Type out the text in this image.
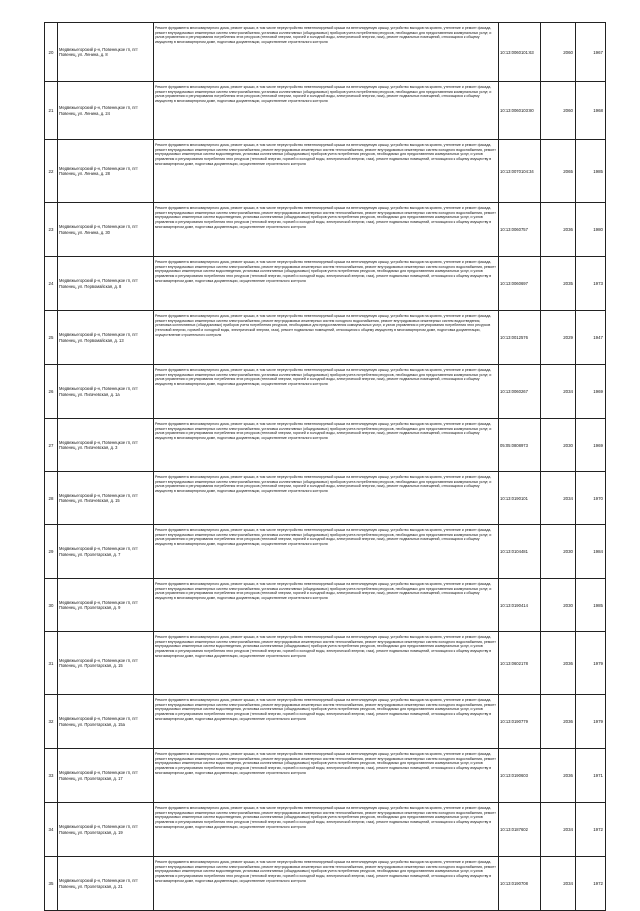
20	Медвежьегорский р-н, Повенецкое гп, пгт Повенец, ул. Ленина, д. 8	Ремонт фундамента многоквартирного дома, ремонт крыши, в том числе переустройство невентилируемой крыши на вентилируемую крышу, устройство выходов на кровлю, утепление и ремонт фасада, ремонт внутридомовых инженерных систем электроснабжения, установка коллективных (общедомовых) приборов учета потребления ресурсов, необходимых для предоставления коммунальных услуг, и узлов управления и регулирования потребления этих ресурсов (тепловой энергии, горячей и холодной воды, электрической энергии, газа), ремонт подвальных помещений, относящихся к общему имуществу в многоквартирном доме, подготовка документации, осуществление строительного контроля	10:13:0060101:63	2060	1967
21	Медвежьегорский р-н, Повенецкое гп, пгт Повенец, ул. Ленина, д. 24	Ремонт фундамента многоквартирного дома, ремонт крыши, в том числе переустройство невентилируемой крыши на вентилируемую крышу, устройство выходов на кровлю, утепление и ремонт фасада, ремонт внутридомовых инженерных систем электроснабжения, установка коллективных (общедомовых) приборов учета потребления ресурсов, необходимых для предоставления коммунальных услуг, и узлов управления и регулирования потребления этих ресурсов (тепловой энергии, горячей и холодной воды, электрической энергии, газа), ремонт подвальных помещений, относящихся к общему имуществу в многоквартирном доме, подготовка документации, осуществление строительного контроля	10:13:0060103:80	2060	1968
22	Медвежьегорский р-н, Повенецкое гп, пгт Повенец, ул. Ленина, д. 28	Ремонт фундамента многоквартирного дома, ремонт крыши, в том числе переустройство невентилируемой крыши на вентилируемую крышу, устройство выходов на кровлю, утепление и ремонт фасада, ремонт внутридомовых инженерных систем электроснабжения, ремонт внутридомовых инженерных систем теплоснабжения, ремонт внутридомовых инженерных систем холодного водоснабжения, ремонт внутридомовых инженерных систем водоотведения, установка коллективных (общедомовых) приборов учета потребления ресурсов, необходимых для предоставления коммунальных услуг, и узлов управления и регулирования потребления этих ресурсов (тепловой энергии, горячей и холодной воды, электрической энергии, газа), ремонт подвальных помещений, относящихся к общему имуществу в многоквартирном доме, подготовка документации, осуществление строительного контроля	10:13:0070104:34	2065	1985
23	Медвежьегорский р-н, Повенецкое гп, пгт Повенец, ул. Ленина, д. 30	Ремонт фундамента многоквартирного дома, ремонт крыши, в том числе переустройство невентилируемой крыши на вентилируемую крышу, устройство выходов на кровлю, утепление и ремонт фасада, ремонт внутридомовых инженерных систем электроснабжения, ремонт внутридомовых инженерных систем теплоснабжения, ремонт внутридомовых инженерных систем холодного водоснабжения, ремонт внутридомовых инженерных систем водоотведения, установка коллективных (общедомовых) приборов учета потребления ресурсов, необходимых для предоставления коммунальных услуг, и узлов управления и регулирования потребления этих ресурсов (тепловой энергии, горячей и холодной воды, электрической энергии, газа), ремонт подвальных помещений, относящихся к общему имуществу в многоквартирном доме, подготовка документации, осуществление строительного контроля	10:13:0060757	2036	1980
24	Медвежьегорский р-н, Повенецкое гп, пгт Повенец, ул. Первомайская, д. 8	Ремонт фундамента многоквартирного дома, ремонт крыши, в том числе переустройство невентилируемой крыши на вентилируемую крышу, устройство выходов на кровлю, утепление и ремонт фасада, ремонт внутридомовых инженерных систем электроснабжения, ремонт внутридомовых инженерных систем теплоснабжения, ремонт внутридомовых инженерных систем холодного водоснабжения, ремонт внутридомовых инженерных систем водоотведения, установка коллективных (общедомовых) приборов учета потребления ресурсов, необходимых для предоставления коммунальных услуг, и узлов управления и регулирования потребления этих ресурсов (тепловой энергии, горячей и холодной воды, электрической энергии, газа), ремонт подвальных помещений, относящихся к общему имуществу в многоквартирном доме, подготовка документации, осуществление строительного контроля	10:13:0060697	2035	1973
25	Медвежьегорский р-н, Повенецкое гп, пгт Повенец, ул. Первомайская, д. 13	Ремонт фундамента многоквартирного дома, ремонт крыши, в том числе переустройство невентилируемой крыши на вентилируемую крышу, устройство выходов на кровлю, утепление и ремонт фасада, ремонт внутридомовых инженерных систем электроснабжения, ремонт внутридомовых инженерных систем холодного водоснабжения, ремонт внутридомовых инженерных систем водоотведения, установка коллективных (общедомовых) приборов учета потребления ресурсов, необходимых для предоставления коммунальных услуг, и узлов управления и регулирования потребления этих ресурсов (тепловой энергии, горячей и холодной воды, электрической энергии, газа), ремонт подвальных помещений, относящихся к общему имуществу в многоквартирном доме, подготовка документации, осуществление строительного контроля	10:13:0012576	2029	1947
26	Медвежьегорский р-н, Повенецкое гп, пгт Повенец, ул. Пигачевская, д. 1а	Ремонт фундамента многоквартирного дома, ремонт крыши, в том числе переустройство невентилируемой крыши на вентилируемую крышу, устройство выходов на кровлю, утепление и ремонт фасада, ремонт внутридомовых инженерных систем электроснабжения, установка коллективных (общедомовых) приборов учета потребления ресурсов, необходимых для предоставления коммунальных услуг, и узлов управления и регулирования потребления этих ресурсов (тепловой энергии, горячей и холодной воды, электрической энергии, газа), ремонт подвальных помещений, относящихся к общему имуществу в многоквартирном доме, подготовка документации, осуществление строительного контроля	10:13:0060267	2034	1969
27	Медвежьегорский р-н, Повенецкое гп, пгт Повенец, ул. Пигачевская, д. 3	Ремонт фундамента многоквартирного дома, ремонт крыши, в том числе переустройство невентилируемой крыши на вентилируемую крышу, устройство выходов на кровлю, утепление и ремонт фасада, ремонт внутридомовых инженерных систем электроснабжения, установка коллективных (общедомовых) приборов учета потребления ресурсов, необходимых для предоставления коммунальных услуг, и узлов управления и регулирования потребления этих ресурсов (тепловой энергии, горячей и холодной воды, электрической энергии, газа), ремонт подвальных помещений, относящихся к общему имуществу в многоквартирном доме, подготовка документации, осуществление строительного контроля	05:05:0808973	2030	1969
28	Медвежьегорский р-н, Повенецкое гп, пгт Повенец, ул. Пигачевская, д. 15	Ремонт фундамента многоквартирного дома, ремонт крыши, в том числе переустройство невентилируемой крыши на вентилируемую крышу, устройство выходов на кровлю, утепление и ремонт фасада, ремонт внутридомовых инженерных систем электроснабжения, установка коллективных (общедомовых) приборов учета потребления ресурсов, необходимых для предоставления коммунальных услуг, и узлов управления и регулирования потребления этих ресурсов (тепловой энергии, горячей и холодной воды, электрической энергии, газа), ремонт подвальных помещений, относящихся к общему имуществу в многоквартирном доме, подготовка документации, осуществление строительного контроля	10:13:0190101	2034	1970
29	Медвежьегорский р-н, Повенецкое гп, пгт Повенец, ул. Пролетарская, д. 7	Ремонт фундамента многоквартирного дома, ремонт крыши, в том числе переустройство невентилируемой крыши на вентилируемую крышу, устройство выходов на кровлю, утепление и ремонт фасада, ремонт внутридомовых инженерных систем электроснабжения, установка коллективных (общедомовых) приборов учета потребления ресурсов, необходимых для предоставления коммунальных услуг, и узлов управления и регулирования потребления этих ресурсов (тепловой энергии, горячей и холодной воды, электрической энергии, газа), ремонт подвальных помещений, относящихся к общему имуществу в многоквартирном доме, подготовка документации, осуществление строительного контроля	10:13:0104481	2030	1984
30	Медвежьегорский р-н, Повенецкое гп, пгт Повенец, ул. Пролетарская, д. 9	Ремонт фундамента многоквартирного дома, ремонт крыши, в том числе переустройство невентилируемой крыши на вентилируемую крышу, устройство выходов на кровлю, утепление и ремонт фасада, ремонт внутридомовых инженерных систем электроснабжения, установка коллективных (общедомовых) приборов учета потребления ресурсов, необходимых для предоставления коммунальных услуг, и узлов управления и регулирования потребления этих ресурсов (тепловой энергии, горячей и холодной воды, электрической энергии, газа), ремонт подвальных помещений, относящихся к общему имуществу в многоквартирном доме, подготовка документации, осуществление строительного контроля	10:13:0190414	2030	1985
31	Медвежьегорский р-н, Повенецкое гп, пгт Повенец, ул. Пролетарская, д. 15	Ремонт фундамента многоквартирного дома, ремонт крыши, в том числе переустройство невентилируемой крыши на вентилируемую крышу, устройство выходов на кровлю, утепление и ремонт фасада, ремонт внутридомовых инженерных систем электроснабжения, ремонт внутридомовых инженерных систем теплоснабжения, ремонт внутридомовых инженерных систем холодного водоснабжения, ремонт внутридомовых инженерных систем водоотведения, установка коллективных (общедомовых) приборов учета потребления ресурсов, необходимых для предоставления коммунальных услуг, и узлов управления и регулирования потребления этих ресурсов (тепловой энергии, горячей и холодной воды, электрической энергии, газа), ремонт подвальных помещений, относящихся к общему имуществу в многоквартирном доме, подготовка документации, осуществление строительного контроля	10:13:0602178	2036	1979
32	Медвежьегорский р-н, Повенецкое гп, пгт Повенец, ул. Пролетарская, д. 15а	Ремонт фундамента многоквартирного дома, ремонт крыши, в том числе переустройство невентилируемой крыши на вентилируемую крышу, устройство выходов на кровлю, утепление и ремонт фасада, ремонт внутридомовых инженерных систем электроснабжения, ремонт внутридомовых инженерных систем теплоснабжения, ремонт внутридомовых инженерных систем холодного водоснабжения, ремонт внутридомовых инженерных систем водоотведения, установка коллективных (общедомовых) приборов учета потребления ресурсов, необходимых для предоставления коммунальных услуг, и узлов управления и регулирования потребления этих ресурсов (тепловой энергии, горячей и холодной воды, электрической энергии, газа), ремонт подвальных помещений, относящихся к общему имуществу в многоквартирном доме, подготовка документации, осуществление строительного контроля	10:13:0190779	2036	1979
33	Медвежьегорский р-н, Повенецкое гп, пгт Повенец, ул. Пролетарская, д. 17	Ремонт фундамента многоквартирного дома, ремонт крыши, в том числе переустройство невентилируемой крыши на вентилируемую крышу, устройство выходов на кровлю, утепление и ремонт фасада, ремонт внутридомовых инженерных систем электроснабжения, ремонт внутридомовых инженерных систем теплоснабжения, ремонт внутридомовых инженерных систем холодного водоснабжения, ремонт внутридомовых инженерных систем водоотведения, установка коллективных (общедомовых) приборов учета потребления ресурсов, необходимых для предоставления коммунальных услуг, и узлов управления и регулирования потребления этих ресурсов (тепловой энергии, горячей и холодной воды, электрической энергии, газа), ремонт подвальных помещений, относящихся к общему имуществу в многоквартирном доме, подготовка документации, осуществление строительного контроля	10:13:0190603	2036	1971
34	Медвежьегорский р-н, Повенецкое гп, пгт Повенец, ул. Пролетарская, д. 19	Ремонт фундамента многоквартирного дома, ремонт крыши, в том числе переустройство невентилируемой крыши на вентилируемую крышу, устройство выходов на кровлю, утепление и ремонт фасада, ремонт внутридомовых инженерных систем электроснабжения, ремонт внутридомовых инженерных систем теплоснабжения, ремонт внутридомовых инженерных систем холодного водоснабжения, ремонт внутридомовых инженерных систем водоотведения, установка коллективных (общедомовых) приборов учета потребления ресурсов, необходимых для предоставления коммунальных услуг, и узлов управления и регулирования потребления этих ресурсов (тепловой энергии, горячей и холодной воды, электрической энергии, газа), ремонт подвальных помещений, относящихся к общему имуществу в многоквартирном доме, подготовка документации, осуществление строительного контроля	10:13:0187602	2034	1972
35	Медвежьегорский р-н, Повенецкое гп, пгт Повенец, ул. Пролетарская, д. 21	Ремонт фундамента многоквартирного дома, ремонт крыши, в том числе переустройство невентилируемой крыши на вентилируемую крышу, устройство выходов на кровлю, утепление и ремонт фасада, ремонт внутридомовых инженерных систем электроснабжения, ремонт внутридомовых инженерных систем теплоснабжения, ремонт внутридомовых инженерных систем холодного водоснабжения, ремонт внутридомовых инженерных систем водоотведения, установка коллективных (общедомовых) приборов учета потребления ресурсов, необходимых для предоставления коммунальных услуг, и узлов управления и регулирования потребления этих ресурсов (тепловой энергии, горячей и холодной воды, электрической энергии, газа), ремонт подвальных помещений, относящихся к общему имуществу в многоквартирном доме, подготовка документации, осуществление строительного контроля	10:13:0190708	2034	1972
